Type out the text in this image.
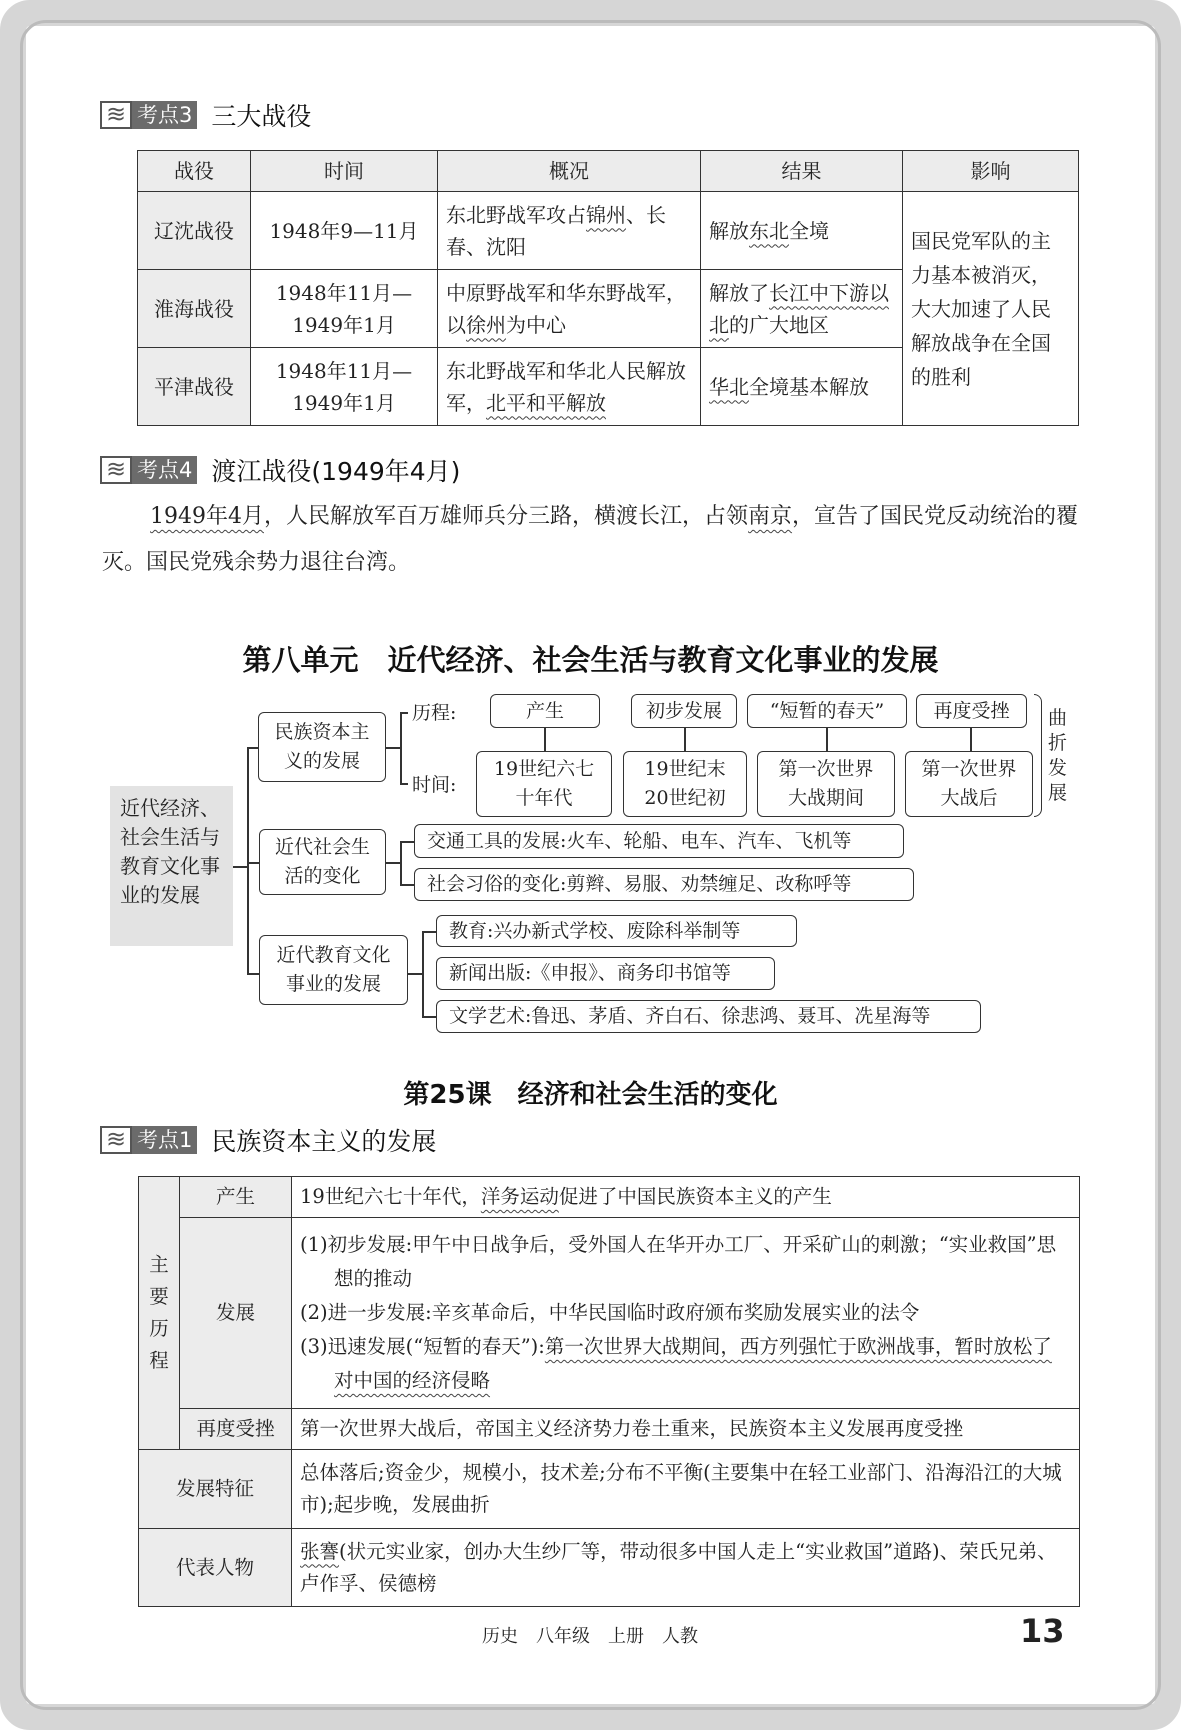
≋ 考点3 三大战役
战役	时间	概况	结果	影响
辽沈战役	1948年9—11月	东北野战军攻占锦州、长春、沈阳	解放东北全境	国民党军队的主力基本被消灭，大大加速了人民解放战争在全国的胜利
淮海战役	1948年11月—1949年1月	中原野战军和华东野战军，以徐州为中心	解放了长江中下游以北的广大地区	
平津战役	1948年11月—1949年1月	东北野战军和华北人民解放军，北平和平解放	华北全境基本解放	
≋ 考点4 渡江战役(1949年4月)
1949年4月，人民解放军百万雄师兵分三路，横渡长江，占领南京，宣告了国民党反动统治的覆灭。国民党残余势力退往台湾。
第八单元　近代经济、社会生活与教育文化事业的发展
近代经济、社会生活与教育文化事业的发展
民族资本主义的发展
历程:
时间:
产生	初步发展	“短暂的春天”	再度受挫
19世纪六七十年代
19世纪末20世纪初
第一次世界大战期间
第一次世界大战后
曲折发展
近代社会生活的变化
交通工具的发展:火车、轮船、电车、汽车、飞机等
社会习俗的变化:剪辫、易服、劝禁缠足、改称呼等
近代教育文化事业的发展
教育:兴办新式学校、废除科举制等
新闻出版:《申报》、商务印书馆等
文学艺术:鲁迅、茅盾、齐白石、徐悲鸿、聂耳、冼星海等
第25课　经济和社会生活的变化
≋ 考点1 民族资本主义的发展
主要历程	产生	19世纪六七十年代，洋务运动促进了中国民族资本主义的产生
	发展	(1)初步发展:甲午中日战争后，受外国人在华开办工厂、开采矿山的刺激；“实业救国”思想的推动
(2)进一步发展:辛亥革命后，中华民国临时政府颁布奖励发展实业的法令
(3)迅速发展(“短暂的春天”):第一次世界大战期间，西方列强忙于欧洲战事，暂时放松了对中国的经济侵略

	再度受挫	第一次世界大战后，帝国主义经济势力卷土重来，民族资本主义发展再度受挫
发展特征		总体落后;资金少，规模小，技术差;分布不平衡(主要集中在轻工业部门、沿海沿江的大城市);起步晚，发展曲折
代表人物		张謇(状元实业家，创办大生纱厂等，带动很多中国人走上“实业救国”道路)、荣氏兄弟、卢作孚、侯德榜
历史　八年级　上册　人教	13
